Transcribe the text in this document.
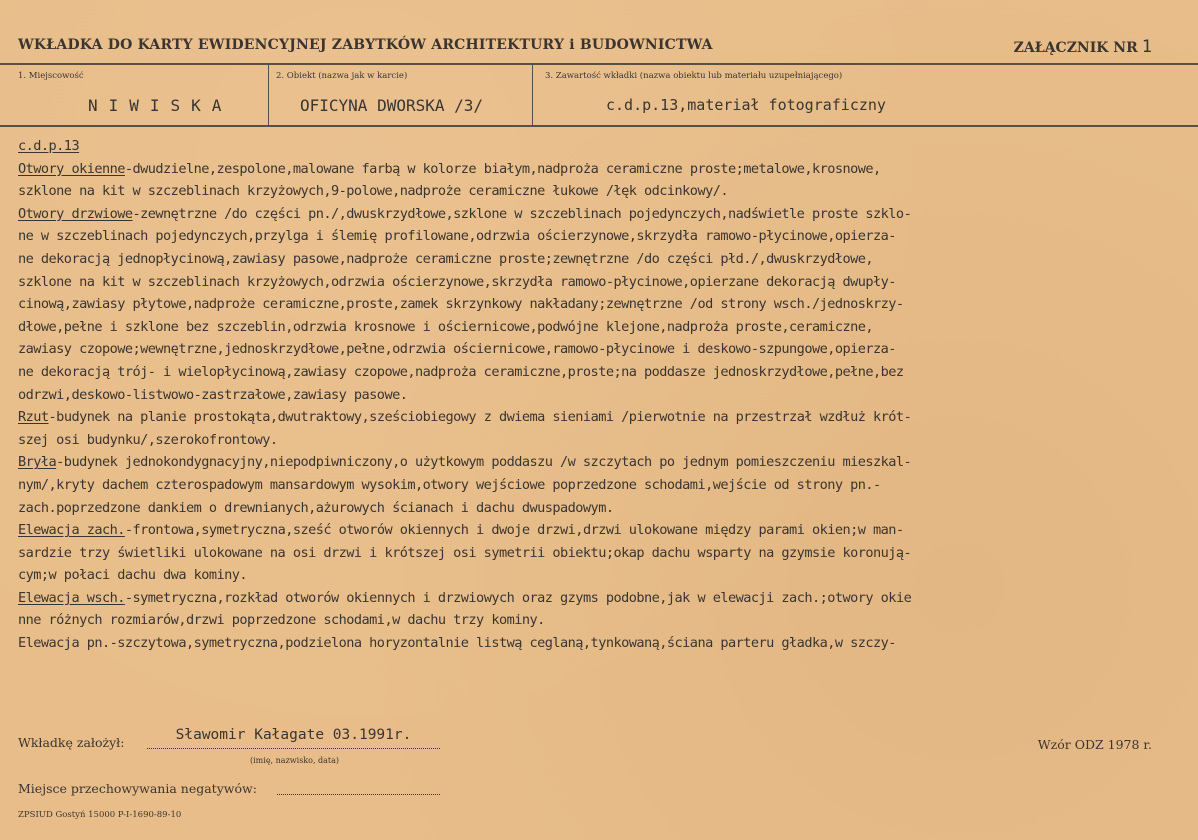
WKŁADKA DO KARTY EWIDENCYJNEJ ZABYTKÓW ARCHITEKTURY i BUDOWNICTWA	ZAŁĄCZNIK NR 1
1. Miejscowość
NIWISKA
2. Obiekt (nazwa jak w karcie)
OFICYNA DWORSKA /3/
3. Zawartość wkładki (nazwa obiektu lub materiału uzupełniającego)
c.d.p.13,materiał fotograficzny
c.d.p.13
Otwory okienne-dwudzielne,zespolone,malowane farbą w kolorze białym,nadproża ceramiczne proste;metalowe,krosnowe,
szklone na kit w szczeblinach krzyżowych,9-polowe,nadproże ceramiczne łukowe /łęk odcinkowy/.
Otwory drzwiowe-zewnętrzne /do części pn./,dwuskrzydłowe,szklone w szczeblinach pojedynczych,nadświetle proste szklo-
ne w szczeblinach pojedynczych,przylga i ślemię profilowane,odrzwia ościerzynowe,skrzydła ramowo-płycinowe,opierza-
ne dekoracją jednopłycinową,zawiasy pasowe,nadproże ceramiczne proste;zewnętrzne /do części płd./,dwuskrzydłowe,
szklone na kit w szczeblinach krzyżowych,odrzwia ościerzynowe,skrzydła ramowo-płycinowe,opierzane dekoracją dwupły-
cinową,zawiasy płytowe,nadproże ceramiczne,proste,zamek skrzynkowy nakładany;zewnętrzne /od strony wsch./jednoskrzy-
dłowe,pełne i szklone bez szczeblin,odrzwia krosnowe i ościernicowe,podwójne klejone,nadproża proste,ceramiczne,
zawiasy czopowe;wewnętrzne,jednoskrzydłowe,pełne,odrzwia ościernicowe,ramowo-płycinowe i deskowo-szpungowe,opierza-
ne dekoracją trój- i wielopłycinową,zawiasy czopowe,nadproża ceramiczne,proste;na poddasze jednoskrzydłowe,pełne,bez
odrzwi,deskowo-listwowo-zastrzałowe,zawiasy pasowe.
Rzut-budynek na planie prostokąta,dwutraktowy,sześciobiegowy z dwiema sieniami /pierwotnie na przestrzał wzdłuż krót-
szej osi budynku/,szerokofrontowy.
Bryła-budynek jednokondygnacyjny,niepodpiwniczony,o użytkowym poddaszu /w szczytach po jednym pomieszczeniu mieszkal-
nym/,kryty dachem czterospadowym mansardowym wysokim,otwory wejściowe poprzedzone schodami,wejście od strony pn.-
zach.poprzedzone dankiem o drewnianych,ażurowych ścianach i dachu dwuspadowym.
Elewacja zach.-frontowa,symetryczna,sześć otworów okiennych i dwoje drzwi,drzwi ulokowane między parami okien;w man-
sardzie trzy świetliki ulokowane na osi drzwi i krótszej osi symetrii obiektu;okap dachu wsparty na gzymsie koronują-
cym;w połaci dachu dwa kominy.
Elewacja wsch.-symetryczna,rozkład otworów okiennych i drzwiowych oraz gzyms podobne,jak w elewacji zach.;otwory okie
nne różnych rozmiarów,drzwi poprzedzone schodami,w dachu trzy kominy.
Elewacja pn.-szczytowa,symetryczna,podzielona horyzontalnie listwą ceglaną,tynkowaną,ściana parteru gładka,w szczy-
Wkładkę założył:	Sławomir Kałagate 03.1991r.
(imię, nazwisko, data)
Wzór ODZ 1978 r.
Miejsce przechowywania negatywów:
ZPSIUD Gostyń 15000 P-I-1690-89-10
